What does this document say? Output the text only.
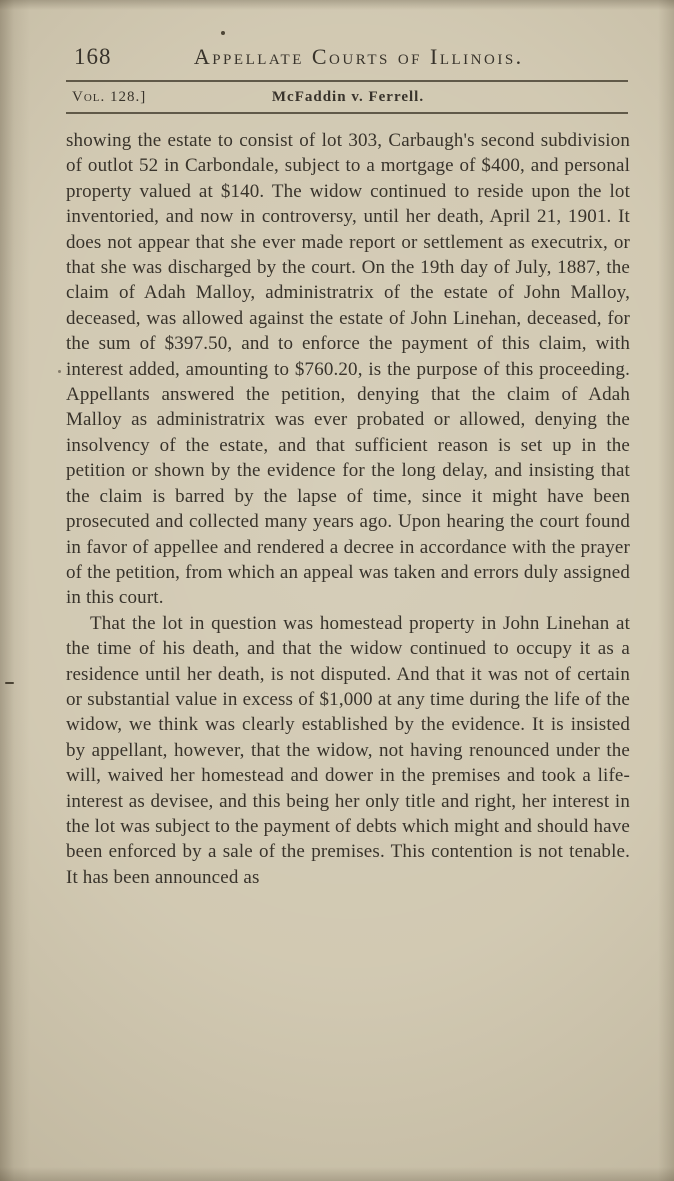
168	Appellate Courts of Illinois.
Vol. 128.]	McFaddin v. Ferrell.

showing the estate to consist of lot 303, Carbaugh's second subdivision of outlot 52 in Carbondale, subject to a mortgage of $400, and personal property valued at $140. The widow continued to reside upon the lot inventoried, and now in controversy, until her death, April 21, 1901. It does not appear that she ever made report or settlement as executrix, or that she was discharged by the court. On the 19th day of July, 1887, the claim of Adah Malloy, administratrix of the estate of John Malloy, deceased, was allowed against the estate of John Linehan, deceased, for the sum of $397.50, and to enforce the payment of this claim, with interest added, amounting to $760.20, is the purpose of this proceeding. Appellants answered the petition, denying that the claim of Adah Malloy as administratrix was ever probated or allowed, denying the insolvency of the estate, and that sufficient reason is set up in the petition or shown by the evidence for the long delay, and insisting that the claim is barred by the lapse of time, since it might have been prosecuted and collected many years ago. Upon hearing the court found in favor of appellee and rendered a decree in accordance with the prayer of the petition, from which an appeal was taken and errors duly assigned in this court.

That the lot in question was homestead property in John Linehan at the time of his death, and that the widow continued to occupy it as a residence until her death, is not disputed. And that it was not of certain or substantial value in excess of $1,000 at any time during the life of the widow, we think was clearly established by the evidence. It is insisted by appellant, however, that the widow, not having renounced under the will, waived her homestead and dower in the premises and took a life-interest as devisee, and this being her only title and right, her interest in the lot was subject to the payment of debts which might and should have been enforced by a sale of the premises. This contention is not tenable. It has been announced as
